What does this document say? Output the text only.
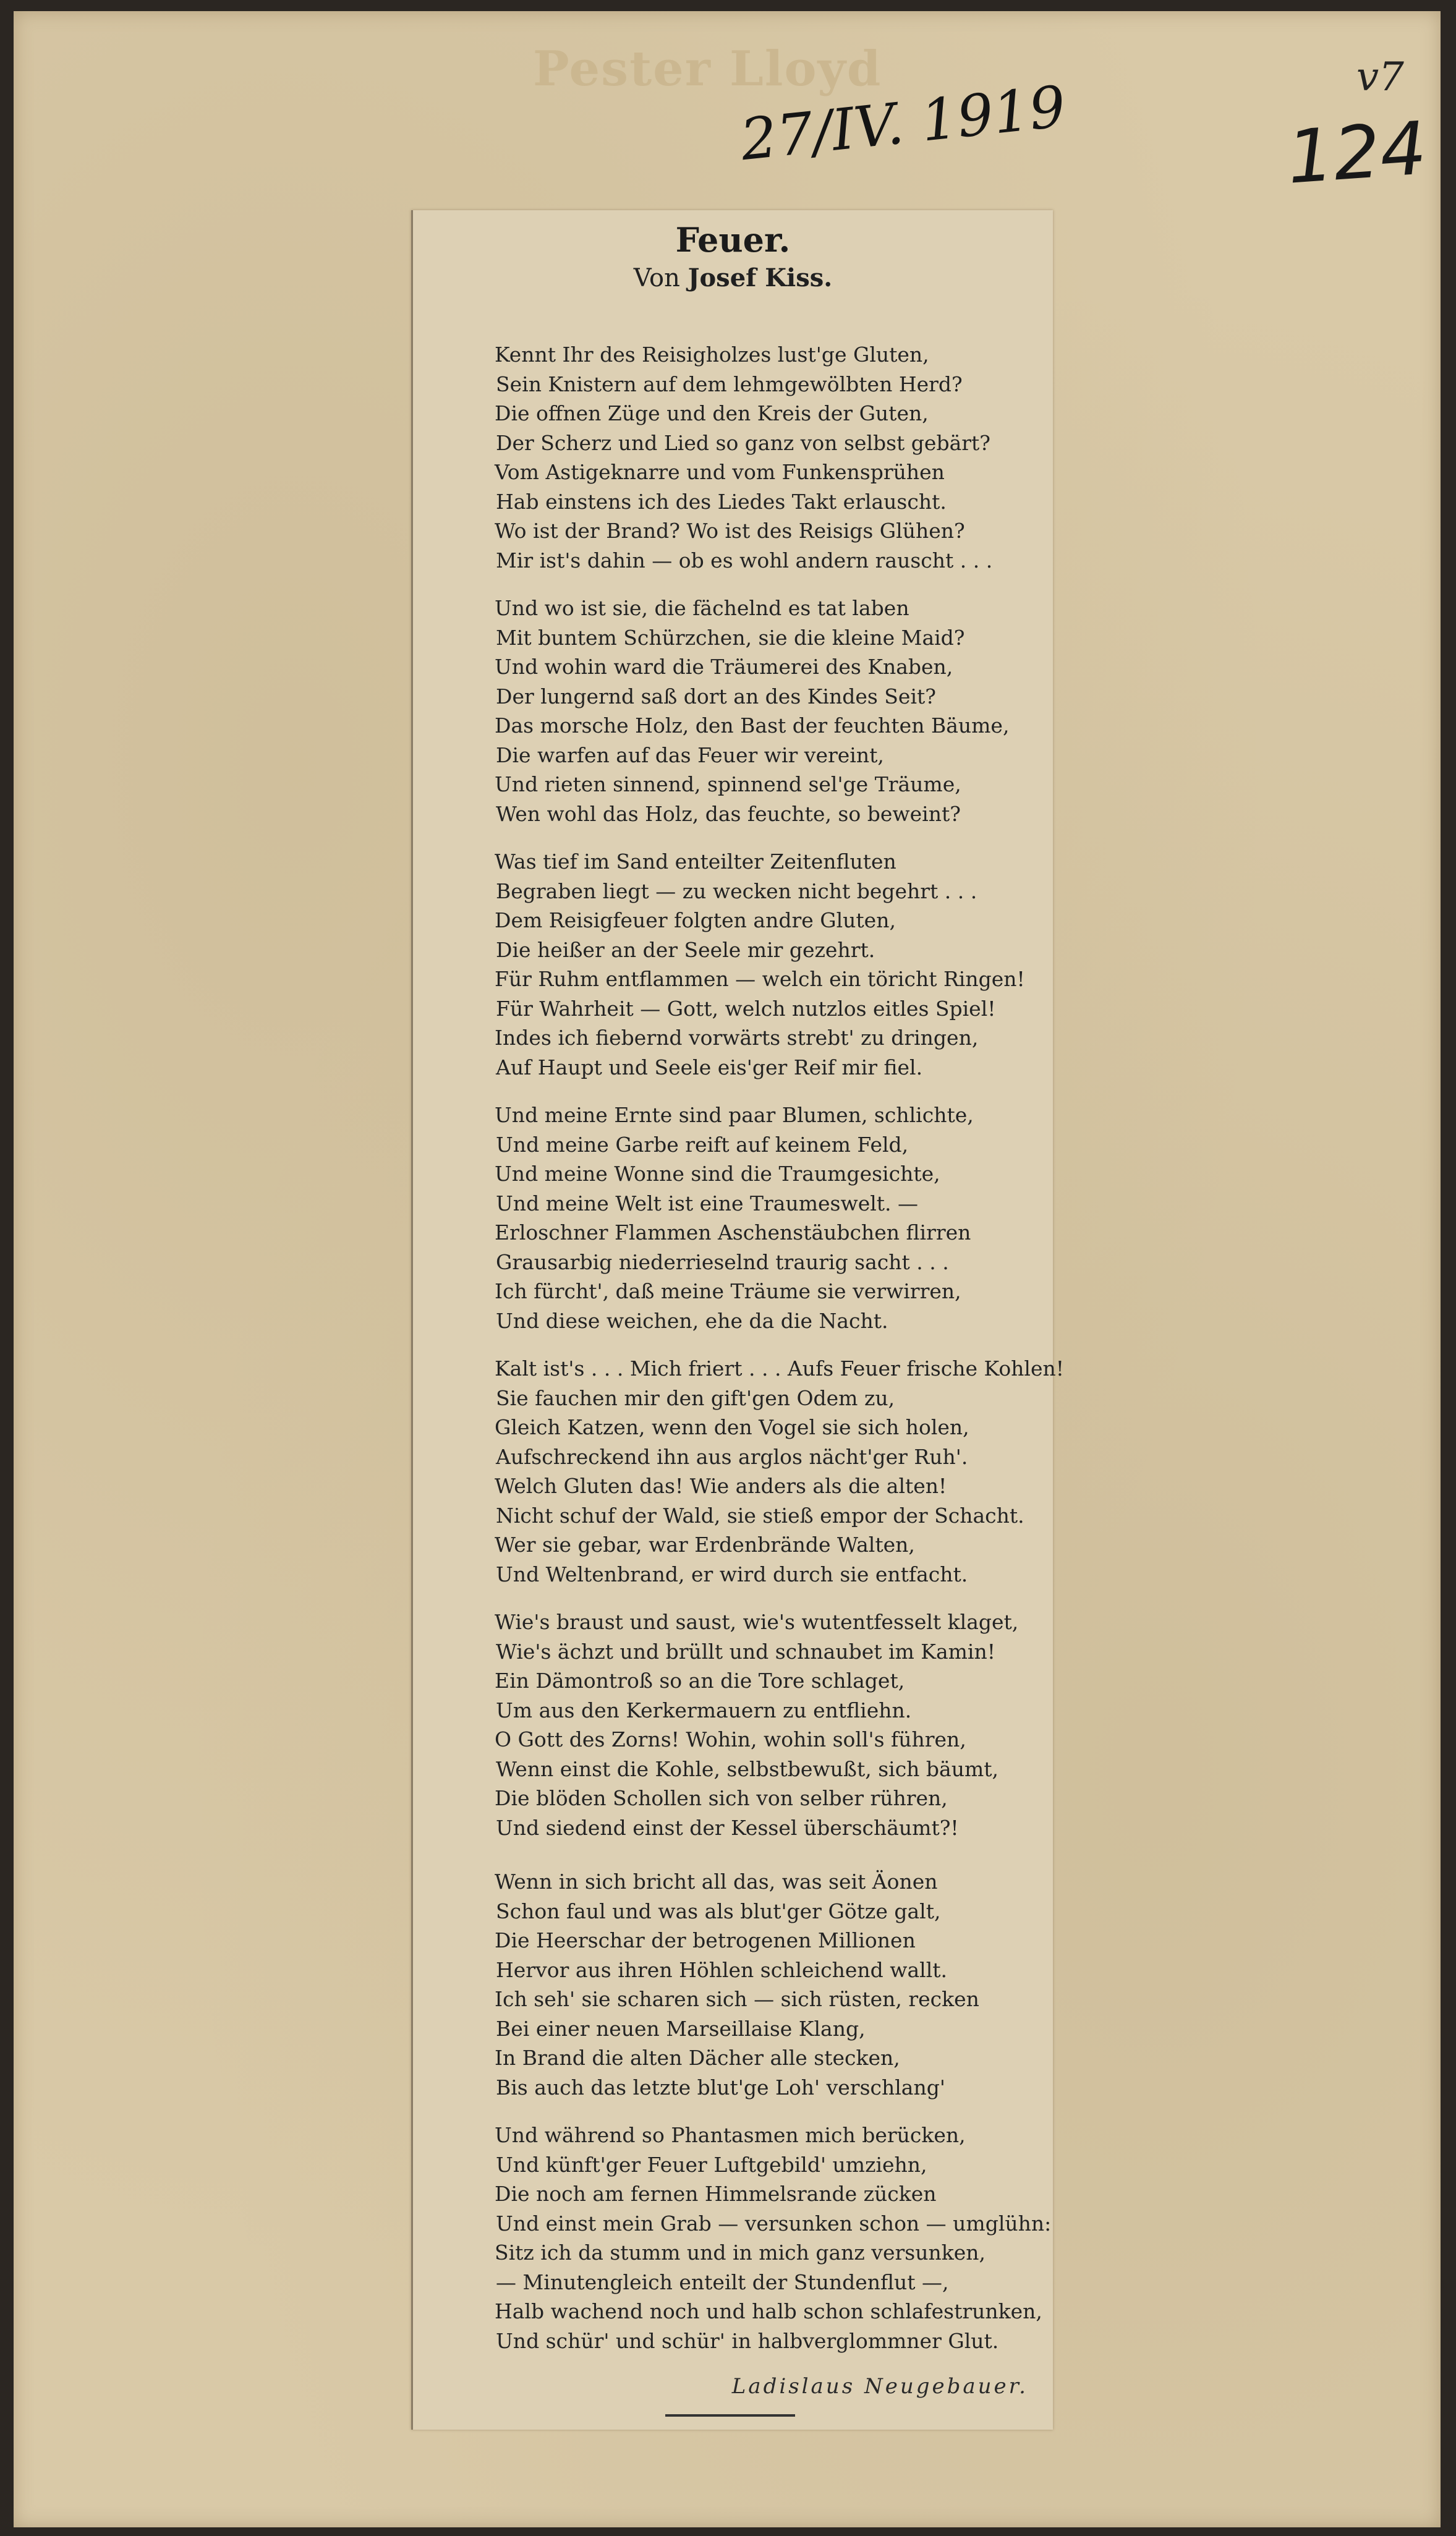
Pester Lloyd
27/IV. 1919	v7
124
Feuer.
Von Josef Kiss.
Kennt Ihr des Reisigholzes lust'ge Gluten,
Sein Knistern auf dem lehmgewölbten Herd?
Die offnen Züge und den Kreis der Guten,
Der Scherz und Lied so ganz von selbst gebärt?
Vom Astigeknarre und vom Funkensprühen
Hab einstens ich des Liedes Takt erlauscht.
Wo ist der Brand? Wo ist des Reisigs Glühen?
Mir ist's dahin — ob es wohl andern rauscht . . .
Und wo ist sie, die fächelnd es tat laben
Mit buntem Schürzchen, sie die kleine Maid?
Und wohin ward die Träumerei des Knaben,
Der lungernd saß dort an des Kindes Seit?
Das morsche Holz, den Bast der feuchten Bäume,
Die warfen auf das Feuer wir vereint,
Und rieten sinnend, spinnend sel'ge Träume,
Wen wohl das Holz, das feuchte, so beweint?
Was tief im Sand enteilter Zeitenfluten
Begraben liegt — zu wecken nicht begehrt . . .
Dem Reisigfeuer folgten andre Gluten,
Die heißer an der Seele mir gezehrt.
Für Ruhm entflammen — welch ein töricht Ringen!
Für Wahrheit — Gott, welch nutzlos eitles Spiel!
Indes ich fiebernd vorwärts strebt' zu dringen,
Auf Haupt und Seele eis'ger Reif mir fiel.
Und meine Ernte sind paar Blumen, schlichte,
Und meine Garbe reift auf keinem Feld,
Und meine Wonne sind die Traumgesichte,
Und meine Welt ist eine Traumeswelt. —
Erloschner Flammen Aschenstäubchen flirren
Grausarbig niederrieselnd traurig sacht . . .
Ich fürcht', daß meine Träume sie verwirren,
Und diese weichen, ehe da die Nacht.
Kalt ist's . . . Mich friert . . . Aufs Feuer frische Kohlen!
Sie fauchen mir den gift'gen Odem zu,
Gleich Katzen, wenn den Vogel sie sich holen,
Aufschreckend ihn aus arglos nächt'ger Ruh'.
Welch Gluten das! Wie anders als die alten!
Nicht schuf der Wald, sie stieß empor der Schacht.
Wer sie gebar, war Erdenbrände Walten,
Und Weltenbrand, er wird durch sie entfacht.
Wie's braust und saust, wie's wutentfesselt klaget,
Wie's ächzt und brüllt und schnaubet im Kamin!
Ein Dämontroß so an die Tore schlaget,
Um aus den Kerkermauern zu entfliehn.
O Gott des Zorns! Wohin, wohin soll's führen,
Wenn einst die Kohle, selbstbewußt, sich bäumt,
Die blöden Schollen sich von selber rühren,
Und siedend einst der Kessel überschäumt?!
Wenn in sich bricht all das, was seit Äonen
Schon faul und was als blut'ger Götze galt,
Die Heerschar der betrogenen Millionen
Hervor aus ihren Höhlen schleichend wallt.
Ich seh' sie scharen sich — sich rüsten, recken
Bei einer neuen Marseillaise Klang,
In Brand die alten Dächer alle stecken,
Bis auch das letzte blut'ge Loh' verschlang'
Und während so Phantasmen mich berücken,
Und künft'ger Feuer Luftgebild' umziehn,
Die noch am fernen Himmelsrande zücken
Und einst mein Grab — versunken schon — umglühn:
Sitz ich da stumm und in mich ganz versunken,
— Minutengleich enteilt der Stundenflut —,
Halb wachend noch und halb schon schlafestrunken,
Und schür' und schür' in halbverglommner Glut.
Ladislaus Neugebauer.
